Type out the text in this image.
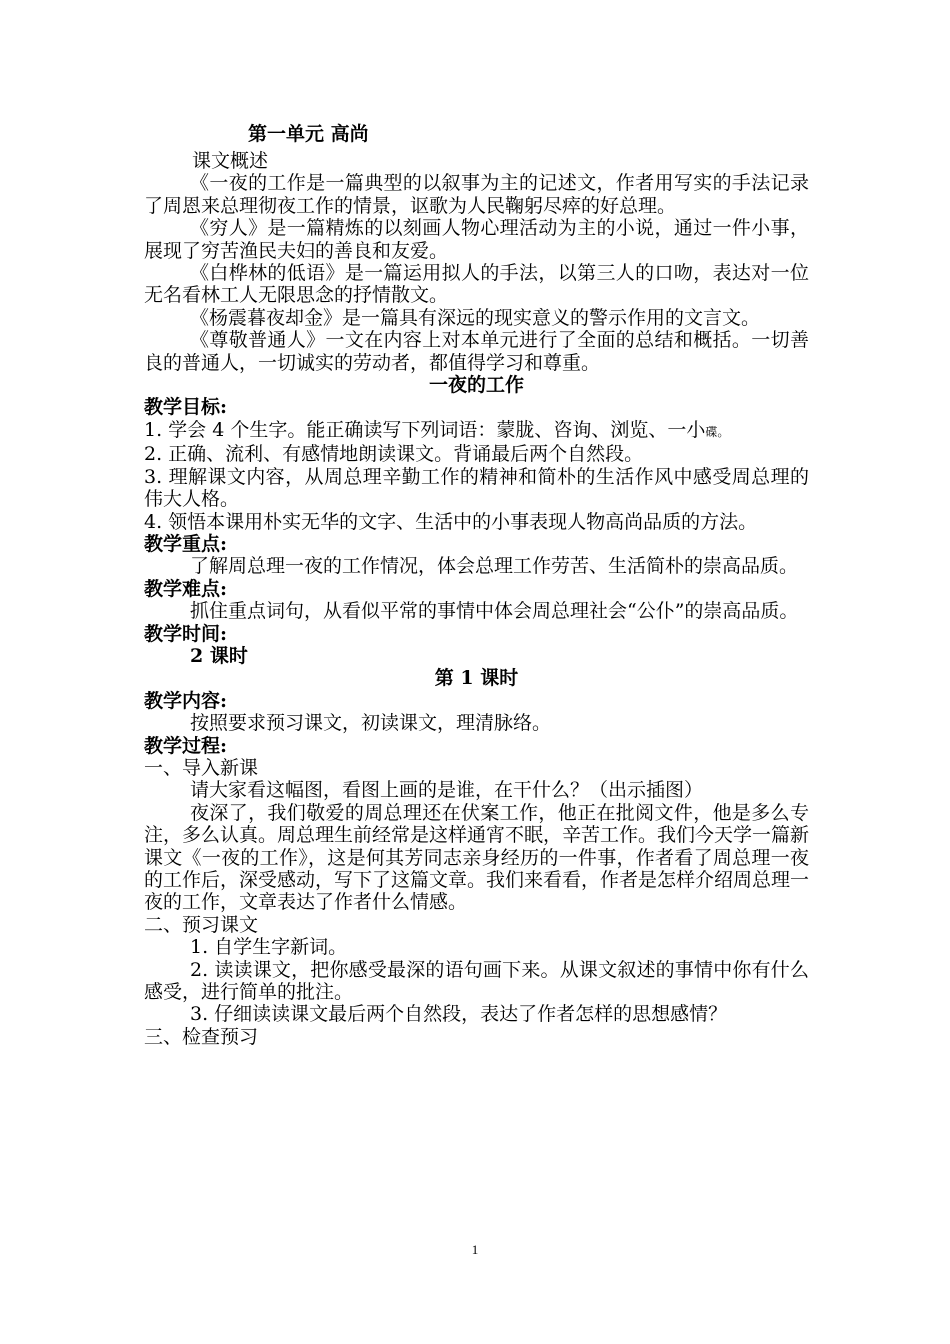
第一单元 高尚
课文概述
《一夜的工作是一篇典型的以叙事为主的记述文，作者用写实的手法记录了周恩来总理彻夜工作的情景，讴歌为人民鞠躬尽瘁的好总理。
《穷人》是一篇精炼的以刻画人物心理活动为主的小说，通过一件小事，展现了穷苦渔民夫妇的善良和友爱。
《白桦林的低语》是一篇运用拟人的手法，以第三人的口吻，表达对一位无名看林工人无限思念的抒情散文。
《杨震暮夜却金》是一篇具有深远的现实意义的警示作用的文言文。
《尊敬普通人》一文在内容上对本单元进行了全面的总结和概括。一切善良的普通人，一切诚实的劳动者，都值得学习和尊重。
一夜的工作
教学目标:
1. 学会 4 个生字。能正确读写下列词语：蒙胧、咨询、浏览、一小碟。
2. 正确、流利、有感情地朗读课文。背诵最后两个自然段。
3. 理解课文内容，从周总理辛勤工作的精神和简朴的生活作风中感受周总理的伟大人格。
4. 领悟本课用朴实无华的文字、生活中的小事表现人物高尚品质的方法。
教学重点:
了解周总理一夜的工作情况，体会总理工作劳苦、生活简朴的崇高品质。
教学难点:
抓住重点词句，从看似平常的事情中体会周总理社会“公仆”的崇高品质。
教学时间:
2 课时
第 1 课时
教学内容:
按照要求预习课文，初读课文，理清脉络。
教学过程:
一、导入新课
请大家看这幅图，看图上画的是谁，在干什么？（出示插图）
夜深了，我们敬爱的周总理还在伏案工作，他正在批阅文件，他是多么专注，多么认真。周总理生前经常是这样通宵不眠，辛苦工作。我们今天学一篇新课文《一夜的工作》，这是何其芳同志亲身经历的一件事，作者看了周总理一夜的工作后，深受感动，写下了这篇文章。我们来看看，作者是怎样介绍周总理一夜的工作，文章表达了作者什么情感。
二、预习课文
1. 自学生字新词。
2. 读读课文，把你感受最深的语句画下来。从课文叙述的事情中你有什么感受，进行简单的批注。
3. 仔细读读课文最后两个自然段，表达了作者怎样的思想感情？
三、检查预习
1
